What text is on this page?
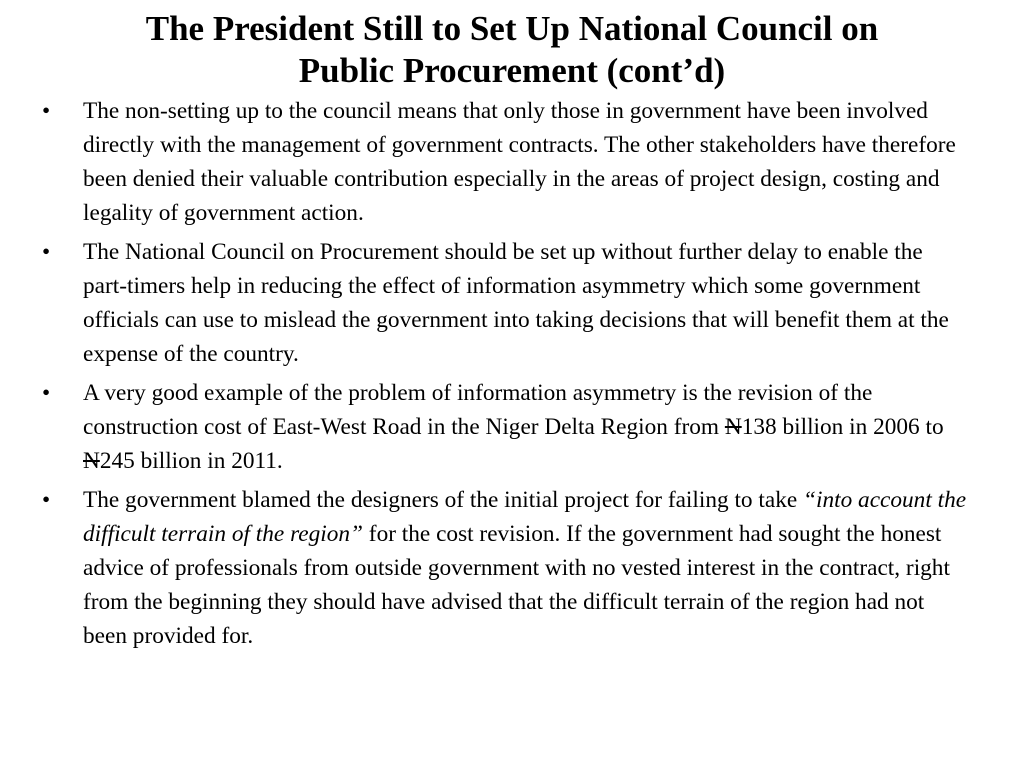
The President Still to Set Up National Council on
Public Procurement (cont’d)
•	The non-setting up to the council means that only those in government have been involved directly with the management of government contracts. The other stakeholders have therefore been denied their valuable contribution especially in the areas of project design, costing and legality of government action.
•	The National Council on Procurement should be set up without further delay to enable the part-timers help in reducing the effect of information asymmetry which some government officials can use to mislead the government into taking decisions that will benefit them at the expense of the country.
•	A very good example of the problem of information asymmetry is the revision of the construction cost of East-West Road in the Niger Delta Region from N138 billion in 2006 to N245 billion in 2011.
•	The government blamed the designers of the initial project for failing to take “into account the difficult terrain of the region” for the cost revision. If the government had sought the honest advice of professionals from outside government with no vested interest in the contract, right from the beginning they should have advised that the difficult terrain of the region had not been provided for.
